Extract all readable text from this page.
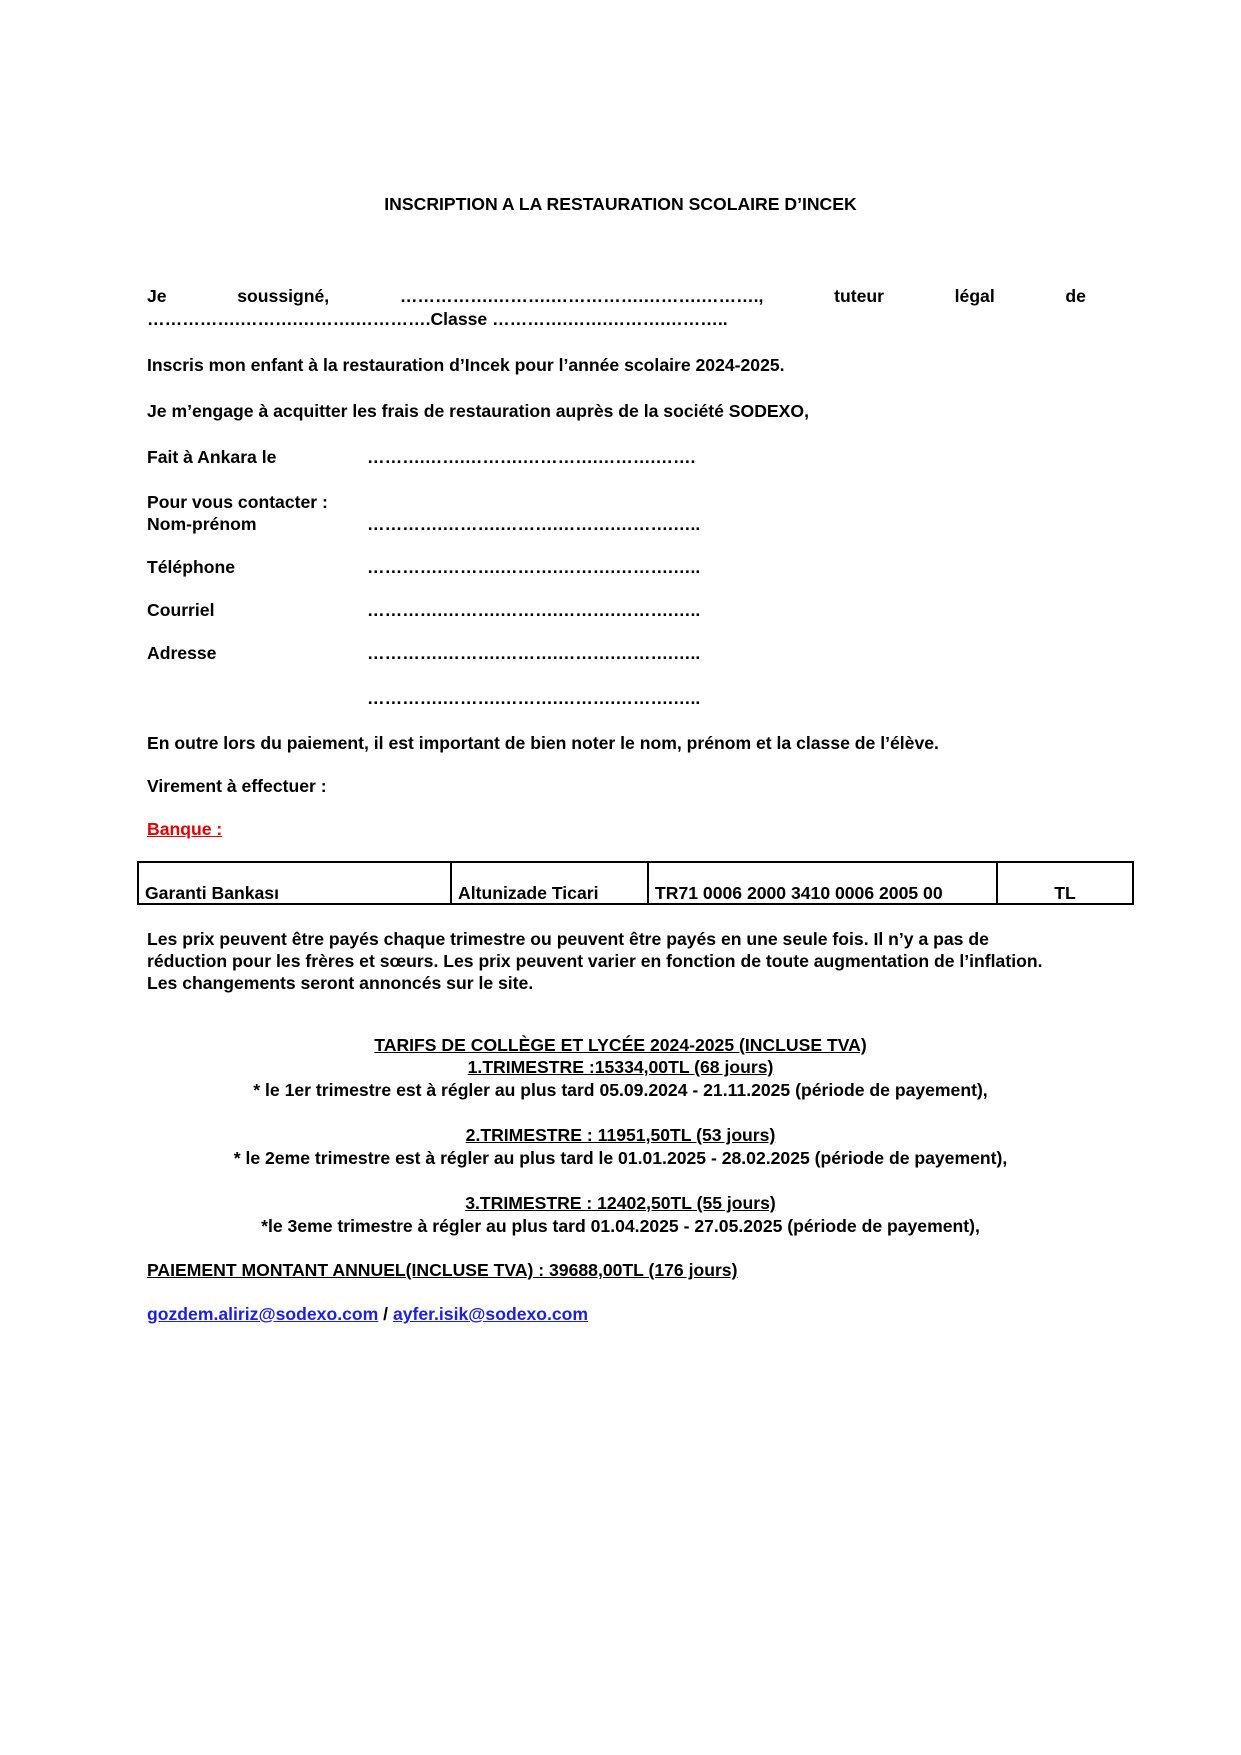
INSCRIPTION A LA RESTAURATION SCOLAIRE D’INCEK
Je	soussigné,	…………….……….…………….……….……….,	tuteur	légal	de
…………….……….……….………….Classe ………….…….……….………..
Inscris mon enfant à la restauration d’Incek pour l’année scolaire 2024-2025.
Je m’engage à acquitter les frais de restauration auprès de la société SODEXO,
Fait à Ankara le	……….…….……….………….……….…….
Pour vous contacter :
Nom-prénom	………….……….……….……….……….…..
Téléphone	………….……….……….……….……….…..
Courriel	………….……….……….……….……….…..
Adresse	………….……….……….……….……….…..
………….……….……….……….……….…..
En outre lors du paiement, il est important de bien noter le nom, prénom et la classe de l’élève.
Virement à effectuer :
Banque :
Garanti Bankası	Altunizade Ticari	TR71 0006 2000 3410 0006 2005 00	TL
Les prix peuvent être payés chaque trimestre ou peuvent être payés en une seule fois. Il n’y a pas de réduction pour les frères et sœurs. Les prix peuvent varier en fonction de toute augmentation de l’inflation. Les changements seront annoncés sur le site.
TARIFS DE COLLÈGE ET LYCÉE 2024-2025 (INCLUSE TVA)
1.TRIMESTRE :15334,00TL (68 jours)
* le 1er trimestre est à régler au plus tard 05.09.2024 - 21.11.2025 (période de payement),
2.TRIMESTRE : 11951,50TL (53 jours)
* le 2eme trimestre est à régler au plus tard le 01.01.2025 - 28.02.2025 (période de payement),
3.TRIMESTRE : 12402,50TL (55 jours)
*le 3eme trimestre à régler au plus tard 01.04.2025 - 27.05.2025 (période de payement),
PAIEMENT MONTANT ANNUEL(INCLUSE TVA) : 39688,00TL (176 jours)
gozdem.aliriz@sodexo.com / ayfer.isik@sodexo.com
